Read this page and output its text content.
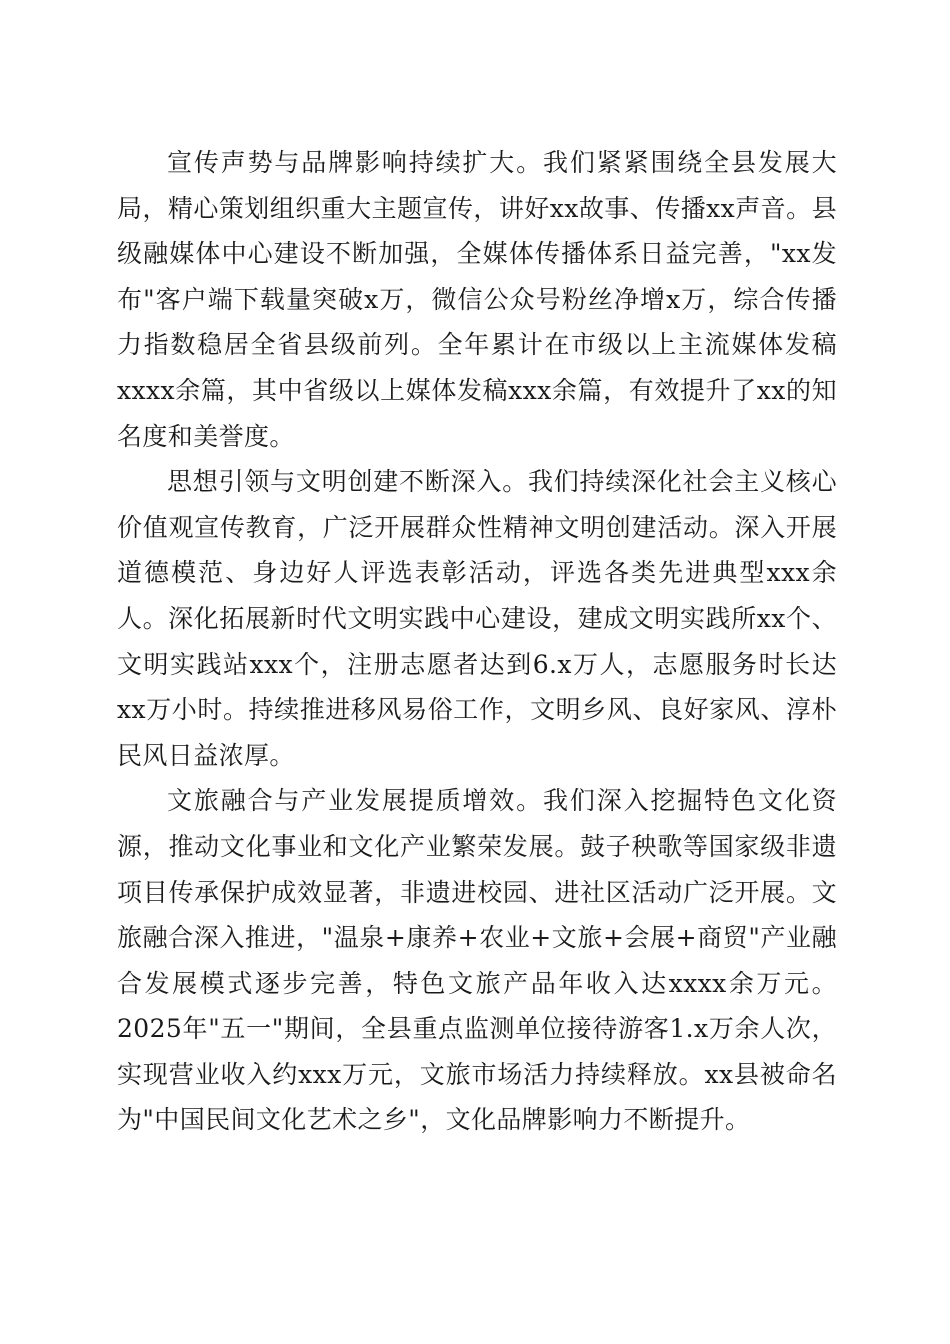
宣传声势与品牌影响持续扩大。我们紧紧围绕全县发展大局，精心策划组织重大主题宣传，讲好xx故事、传播xx声音。县级融媒体中心建设不断加强，全媒体传播体系日益完善，"xx发布"客户端下载量突破x万，微信公众号粉丝净增x万，综合传播力指数稳居全省县级前列。全年累计在市级以上主流媒体发稿xxxx余篇，其中省级以上媒体发稿xxx余篇，有效提升了xx的知名度和美誉度。

思想引领与文明创建不断深入。我们持续深化社会主义核心价值观宣传教育，广泛开展群众性精神文明创建活动。深入开展道德模范、身边好人评选表彰活动，评选各类先进典型xxx余人。深化拓展新时代文明实践中心建设，建成文明实践所xx个、文明实践站xxx个，注册志愿者达到6.x万人，志愿服务时长达xx万小时。持续推进移风易俗工作，文明乡风、良好家风、淳朴民风日益浓厚。

文旅融合与产业发展提质增效。我们深入挖掘特色文化资源，推动文化事业和文化产业繁荣发展。鼓子秧歌等国家级非遗项目传承保护成效显著，非遗进校园、进社区活动广泛开展。文旅融合深入推进，"温泉+康养+农业+文旅+会展+商贸"产业融合发展模式逐步完善，特色文旅产品年收入达xxxx余万元。2025年"五一"期间，全县重点监测单位接待游客1.x万余人次，实现营业收入约xxx万元，文旅市场活力持续释放。xx县被命名为"中国民间文化艺术之乡"，文化品牌影响力不断提升。
